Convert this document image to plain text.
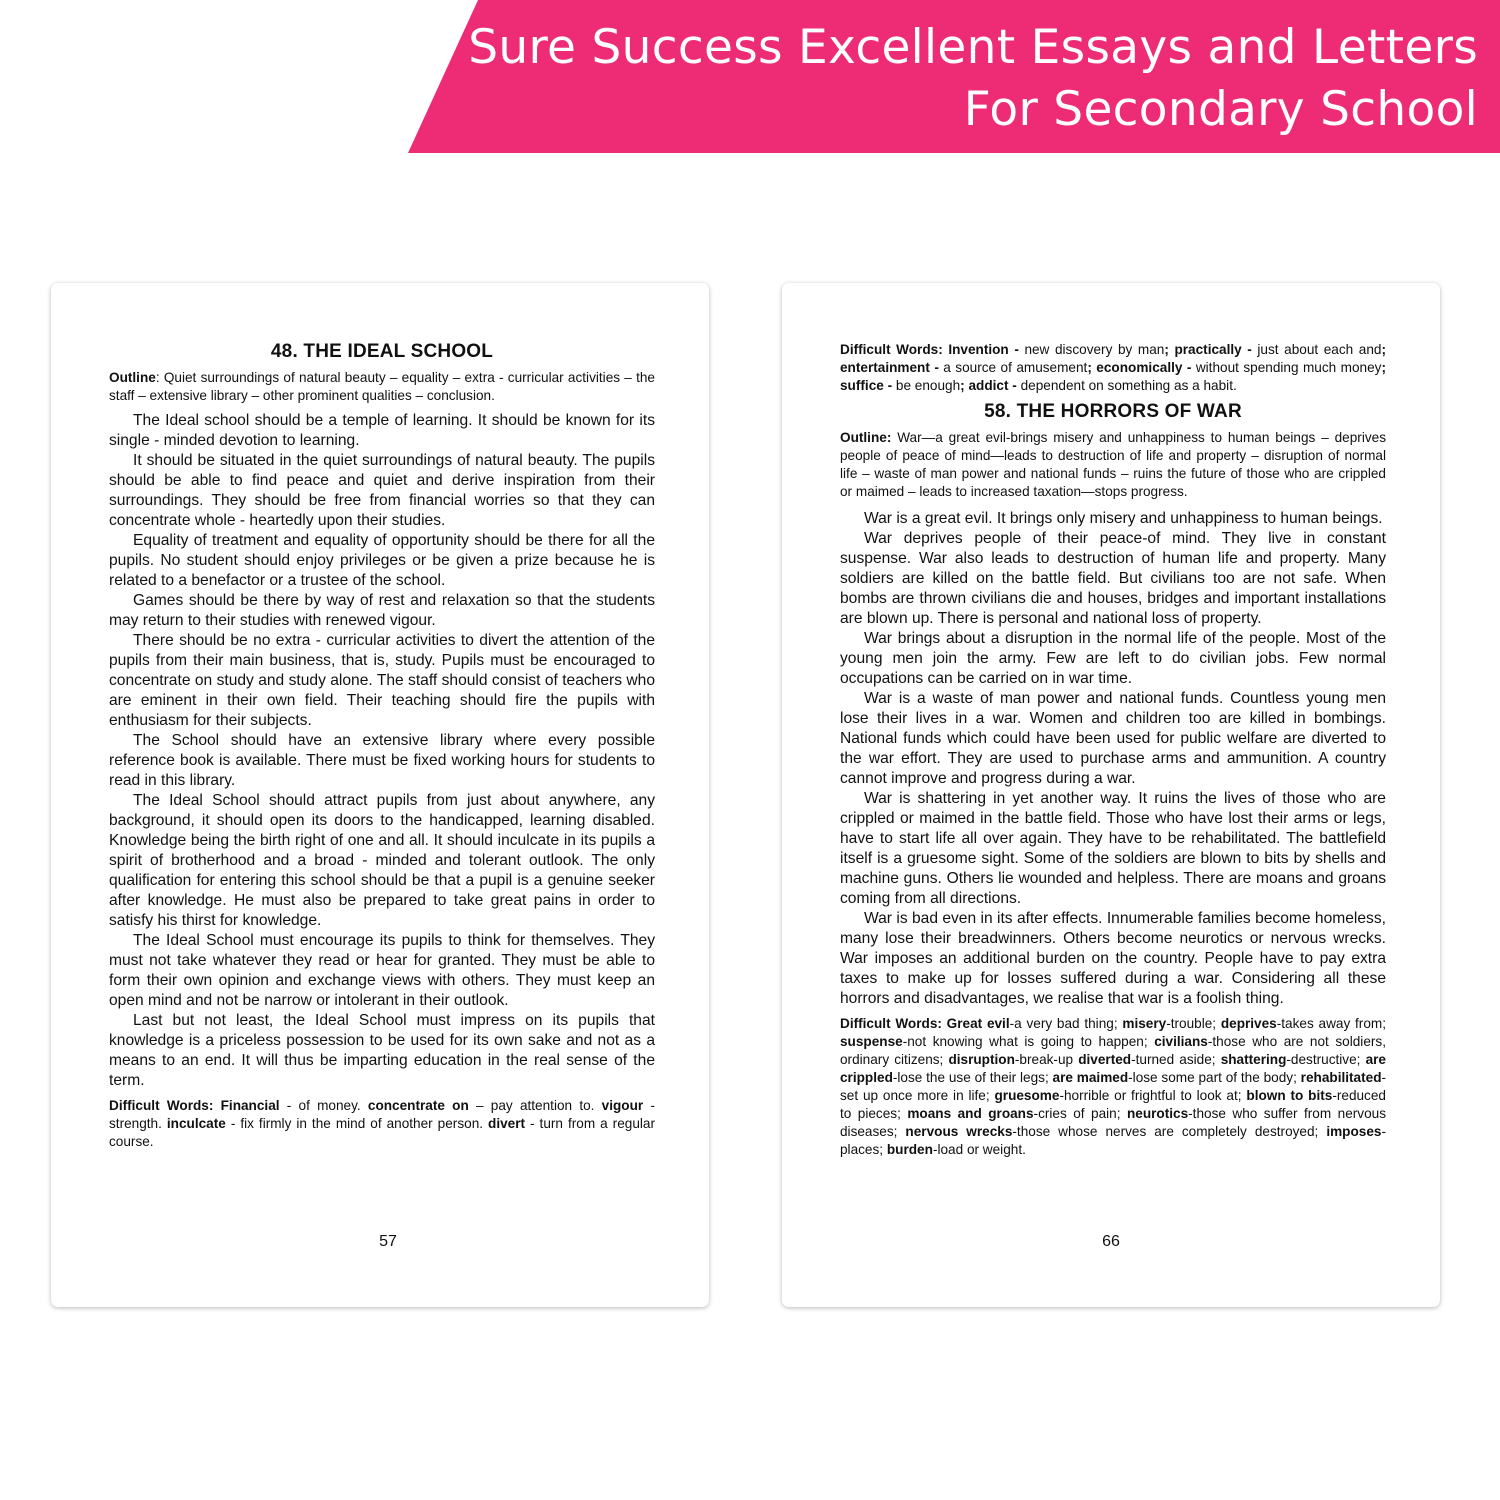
Sure Success Excellent Essays and Letters
For Secondary School
48. THE IDEAL SCHOOL

Outline: Quiet surroundings of natural beauty – equality – extra - curricular activities – the staff – extensive library – other prominent qualities – conclusion.

The Ideal school should be a temple of learning. It should be known for its single - minded devotion to learning.

It should be situated in the quiet surroundings of natural beauty. The pupils should be able to find peace and quiet and derive inspiration from their surroundings. They should be free from financial worries so that they can concentrate whole - heartedly upon their studies.

Equality of treatment and equality of opportunity should be there for all the pupils. No student should enjoy privileges or be given a prize because he is related to a benefactor or a trustee of the school.

Games should be there by way of rest and relaxation so that the students may return to their studies with renewed vigour.

There should be no extra - curricular activities to divert the attention of the pupils from their main business, that is, study. Pupils must be encouraged to concentrate on study and study alone. The staff should consist of teachers who are eminent in their own field. Their teaching should fire the pupils with enthusiasm for their subjects.

The School should have an extensive library where every possible reference book is available. There must be fixed working hours for students to read in this library.

The Ideal School should attract pupils from just about anywhere, any background, it should open its doors to the handicapped, learning disabled. Knowledge being the birth right of one and all. It should inculcate in its pupils a spirit of brotherhood and a broad - minded and tolerant outlook. The only qualification for entering this school should be that a pupil is a genuine seeker after knowledge. He must also be prepared to take great pains in order to satisfy his thirst for knowledge.

The Ideal School must encourage its pupils to think for themselves. They must not take whatever they read or hear for granted. They must be able to form their own opinion and exchange views with others. They must keep an open mind and not be narrow or intolerant in their outlook.

Last but not least, the Ideal School must impress on its pupils that knowledge is a priceless possession to be used for its own sake and not as a means to an end. It will thus be imparting education in the real sense of the term.

Difficult Words: Financial - of money. concentrate on – pay attention to. vigour - strength. inculcate - fix firmly in the mind of another person. divert - turn from a regular course.

57

Difficult Words: Invention - new discovery by man; practically - just about each and; entertainment - a source of amusement; economically - without spending much money; suffice - be enough; addict - dependent on something as a habit.

58. THE HORRORS OF WAR

Outline: War—a great evil-brings misery and unhappiness to human beings – deprives people of peace of mind—leads to destruction of life and property – disruption of normal life – waste of man power and national funds – ruins the future of those who are crippled or maimed – leads to increased taxation—stops progress.

War is a great evil. It brings only misery and unhappiness to human beings.

War deprives people of their peace-of mind. They live in constant suspense. War also leads to destruction of human life and property. Many soldiers are killed on the battle field. But civilians too are not safe. When bombs are thrown civilians die and houses, bridges and important installations are blown up. There is personal and national loss of property.

War brings about a disruption in the normal life of the people. Most of the young men join the army. Few are left to do civilian jobs. Few normal occupations can be carried on in war time.

War is a waste of man power and national funds. Countless young men lose their lives in a war. Women and children too are killed in bombings. National funds which could have been used for public welfare are diverted to the war effort. They are used to purchase arms and ammunition. A country cannot improve and progress during a war.

War is shattering in yet another way. It ruins the lives of those who are crippled or maimed in the battle field. Those who have lost their arms or legs, have to start life all over again. They have to be rehabilitated. The battlefield itself is a gruesome sight. Some of the soldiers are blown to bits by shells and machine guns. Others lie wounded and helpless. There are moans and groans coming from all directions.

War is bad even in its after effects. Innumerable families become homeless, many lose their breadwinners. Others become neurotics or nervous wrecks. War imposes an additional burden on the country. People have to pay extra taxes to make up for losses suffered during a war. Considering all these horrors and disadvantages, we realise that war is a foolish thing.

Difficult Words: Great evil-a very bad thing; misery-trouble; deprives-takes away from; suspense-not knowing what is going to happen; civilians-those who are not soldiers, ordinary citizens; disruption-break-up diverted-turned aside; shattering-destructive; are crippled-lose the use of their legs; are maimed-lose some part of the body; rehabilitated-set up once more in life; gruesome-horrible or frightful to look at; blown to bits-reduced to pieces; moans and groans-cries of pain; neurotics-those who suffer from nervous diseases; nervous wrecks-those whose nerves are completely destroyed; imposes-places; burden-load or weight.

66
